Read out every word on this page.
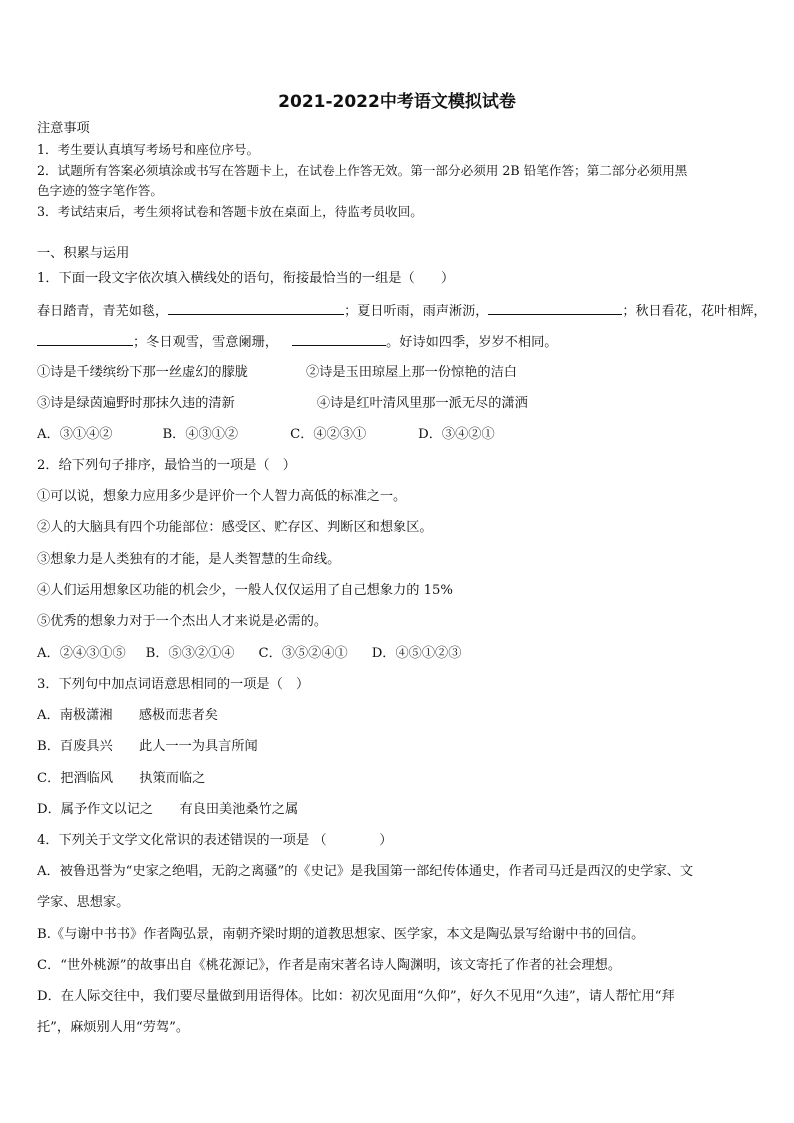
2021-2022中考语文模拟试卷
注意事项
1．考生要认真填写考场号和座位序号。
2．试题所有答案必须填涂或书写在答题卡上，在试卷上作答无效。第一部分必须用 2B 铅笔作答；第二部分必须用黑
色字迹的签字笔作答。
3．考试结束后，考生须将试卷和答题卡放在桌面上，待监考员收回。
一、积累与运用
1．下面一段文字依次填入横线处的语句，衔接最恰当的一组是（　　）
春日踏青，青芜如毯，	；夏日听雨，雨声淅沥，	；秋日看花，花叶相辉，
；冬日观雪，雪意阑珊，	。好诗如四季，岁岁不相同。
①诗是千缕缤纷下那一丝虚幻的朦胧	②诗是玉田琼屋上那一份惊艳的洁白
③诗是绿茵遍野时那抹久违的清新	④诗是红叶清风里那一派无尽的潇洒
A．③①④②	B．④③①②	C．④②③①	D．③④②①
2．给下列句子排序，最恰当的一项是（　）
①可以说，想象力应用多少是评价一个人智力高低的标准之一。
②人的大脑具有四个功能部位：感受区、贮存区、判断区和想象区。
③想象力是人类独有的才能，是人类智慧的生命线。
④人们运用想象区功能的机会少，一般人仅仅运用了自己想象力的 15%
⑤优秀的想象力对于一个杰出人才来说是必需的。
A．②④③①⑤ B．⑤③②①④ C．③⑤②④① D．④⑤①②③
3．下列句中加点词语意思相同的一项是（　）
A．南极潇湘　　感极而悲者矣
B．百废具兴　　此人一一为具言所闻
C．把酒临风　　执策而临之
D．属予作文以记之　　有良田美池桑竹之属
4．下列关于文学文化常识的表述错误的一项是 （　　　　）
A．被鲁迅誉为“史家之绝唱，无韵之离骚”的《史记》是我国第一部纪传体通史，作者司马迁是西汉的史学家、文
学家、思想家。
B.《与谢中书书》作者陶弘景，南朝齐梁时期的道教思想家、医学家，本文是陶弘景写给谢中书的回信。
C．“世外桃源”的故事出自《桃花源记》，作者是南宋著名诗人陶渊明，该文寄托了作者的社会理想。
D．在人际交往中，我们要尽量做到用语得体。比如：初次见面用“久仰”，好久不见用“久违”，请人帮忙用“拜
托”，麻烦别人用“劳驾”。
